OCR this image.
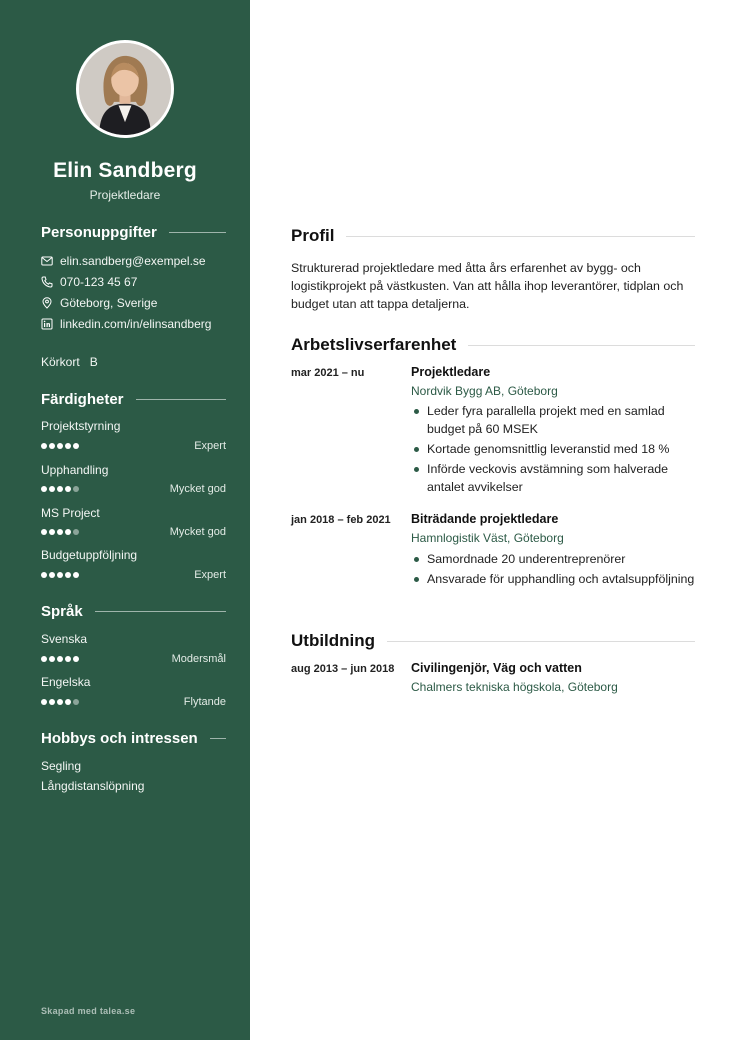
Elin Sandberg
Projektledare
Personuppgifter
elin.sandberg@exempel.se
070-123 45 67
Göteborg, Sverige
linkedin.com/in/elinsandberg
Körkort B
Färdigheter
Projektstyrning
Expert
Upphandling
Mycket god
MS Project
Mycket god
Budgetuppföljning
Expert
Språk
Svenska
Modersmål
Engelska
Flytande
Hobbys och intressen
Segling
Långdistanslöpning
Skapad med talea.se
Profil

Strukturerad projektledare med åtta års erfarenhet av bygg- och logistikprojekt på västkusten. Van att hålla ihop leverantörer, tidplan och budget utan att tappa detaljerna.

Arbetslivserfarenhet
mar 2021 – nu	Projektledare
Nordvik Bygg AB, Göteborg
Leder fyra parallella projekt med en samlad budget på 60 MSEK
Kortade genomsnittlig leveranstid med 18 %
Införde veckovis avstämning som halverade antalet avvikelser
jan 2018 – feb 2021 Biträdande projektledare
Hamnlogistik Väst, Göteborg
Samordnade 20 underentreprenörer
Ansvarade för upphandling och avtalsuppföljning
Utbildning
aug 2013 – jun 2018 Civilingenjör, Väg och vatten
Chalmers tekniska högskola, Göteborg
